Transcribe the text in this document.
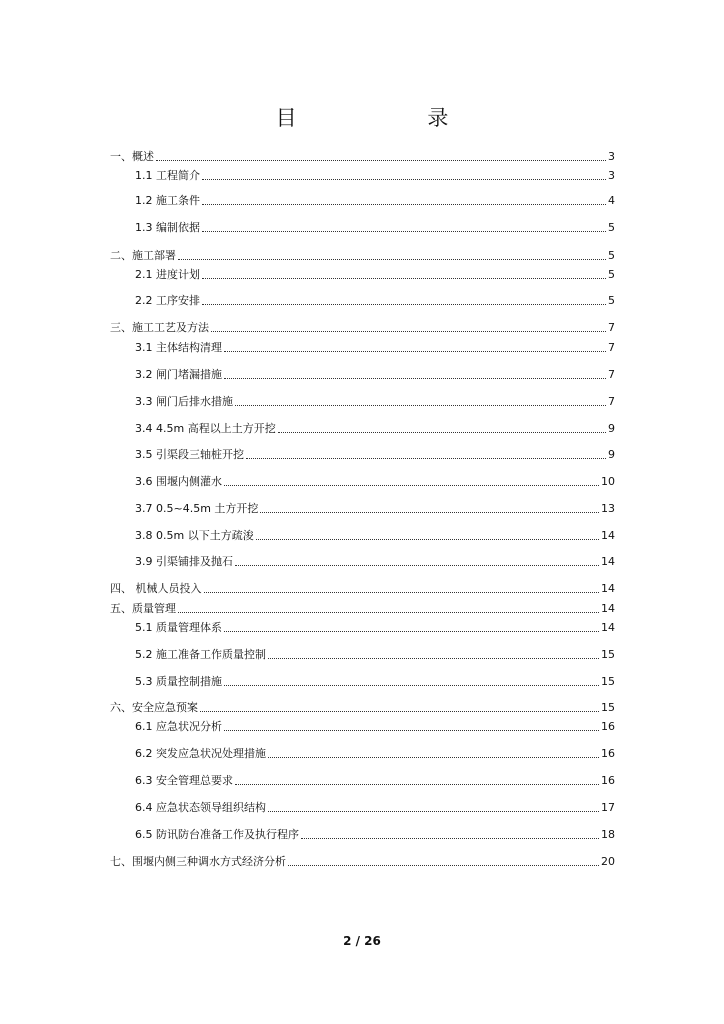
目 录
一、概述	3
1.1 工程简介	3
1.2 施工条件	4
1.3 编制依据	5
二、施工部署	5
2.1 进度计划	5
2.2 工序安排	5
三、施工工艺及方法	7
3.1 主体结构清理	7
3.2 闸门堵漏措施	7
3.3 闸门后排水措施	7
3.4 4.5m 高程以上土方开挖	9
3.5 引渠段三轴桩开挖	9
3.6 围堰内侧灌水	10
3.7 0.5~4.5m 土方开挖	13
3.8 0.5m 以下土方疏浚	14
3.9 引渠铺排及抛石	14
四、 机械人员投入	14
五、质量管理	14
5.1 质量管理体系	14
5.2 施工准备工作质量控制	15
5.3 质量控制措施	15
六、安全应急预案	15
6.1 应急状况分析	16
6.2 突发应急状况处理措施	16
6.3 安全管理总要求	16
6.4 应急状态领导组织结构	17
6.5 防讯防台准备工作及执行程序	18
七、围堰内侧三种调水方式经济分析	20
2 / 26
